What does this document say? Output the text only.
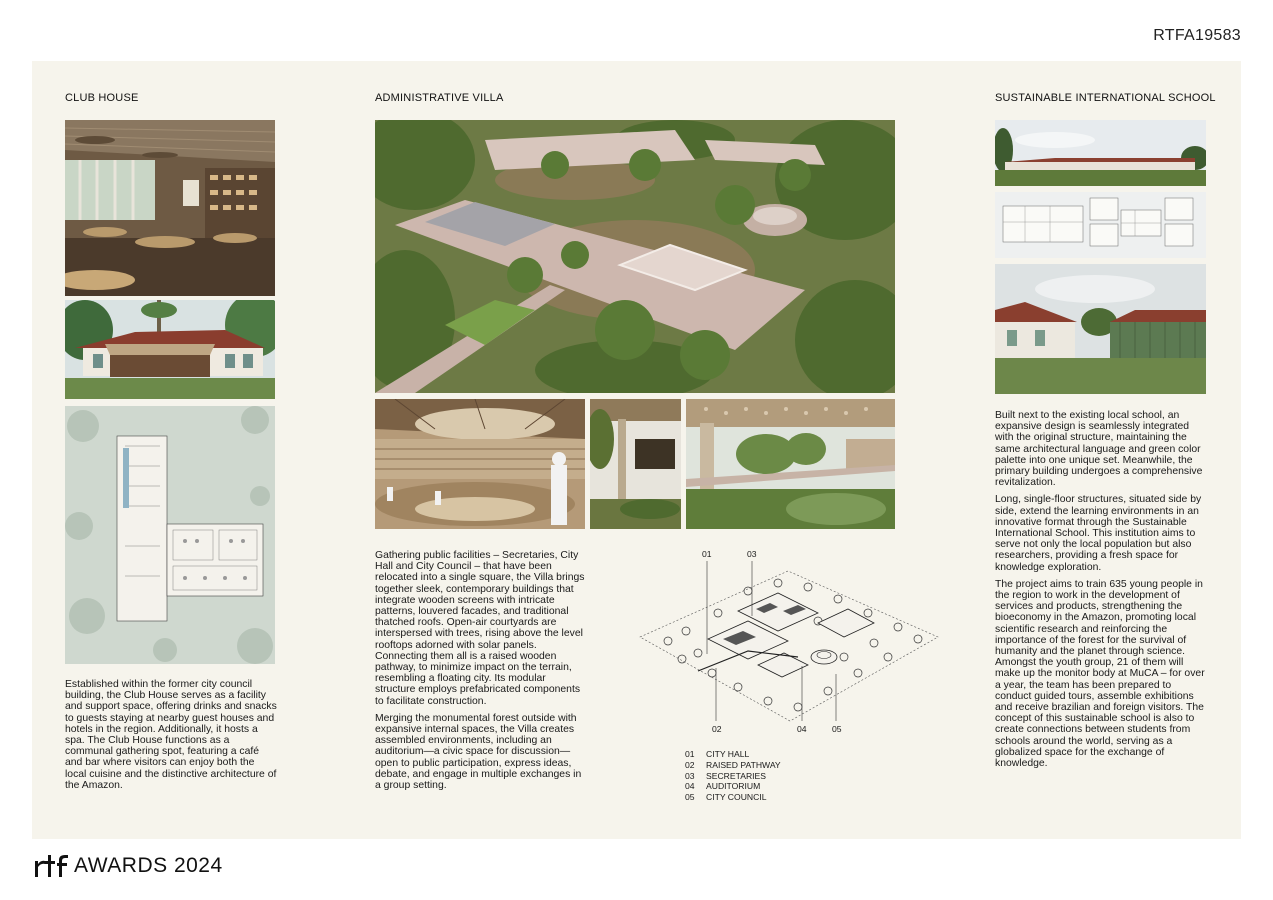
RTFA19583
CLUB HOUSE
Established within the former city council building, the Club House serves as a facility and support space, offering drinks and snacks to guests staying at nearby guest houses and hotels in the region. Additionally, it hosts a spa. The Club House functions as a communal gathering spot, featuring a café and bar where visitors can enjoy both the local cuisine and the distinctive architecture of the Amazon.
ADMINISTRATIVE VILLA

Gathering public facilities – Secretaries, City Hall and City Council – that have been relocated into a single square, the Villa brings together sleek, contemporary buildings that integrate wooden screens with intricate patterns, louvered facades, and traditional thatched roofs. Open-air courtyards are interspersed with trees, rising above the level rooftops adorned with solar panels. Connecting them all is a raised wooden pathway, to minimize impact on the terrain, resembling a floating city. Its modular structure employs prefabricated components to facilitate construction.

Merging the monumental forest outside with expansive internal spaces, the Villa creates assembled environments, including an auditorium—a civic space for discussion—open to public participation, express ideas, debate, and engage in multiple exchanges in a group setting.

01	03
02	04	05
01	CITY HALL
02	RAISED PATHWAY
03	SECRETARIES
04	AUDITORIUM
05	CITY COUNCIL
SUSTAINABLE INTERNATIONAL SCHOOL

Built next to the existing local school, an expansive design is seamlessly integrated with the original structure, maintaining the same architectural language and green color palette into one unique set. Meanwhile, the primary building undergoes a comprehensive revitalization.

Long, single-floor structures, situated side by side, extend the learning environments in an innovative format through the Sustainable International School. This institution aims to serve not only the local population but also researchers, providing a fresh space for knowledge exploration.

The project aims to train 635 young people in the region to work in the development of services and products, strengthening the bioeconomy in the Amazon, promoting local scientific research and reinforcing the importance of the forest for the survival of humanity and the planet through science. Amongst the youth group, 21 of them will make up the monitor body at MuCA – for over a year, the team has been prepared to conduct guided tours, assemble exhibitions and receive brazilian and foreign visitors. The concept of this sustainable school is also to create connections between students from schools around the world, serving as a globalized space for the exchange of knowledge.

AWARDS 2024
